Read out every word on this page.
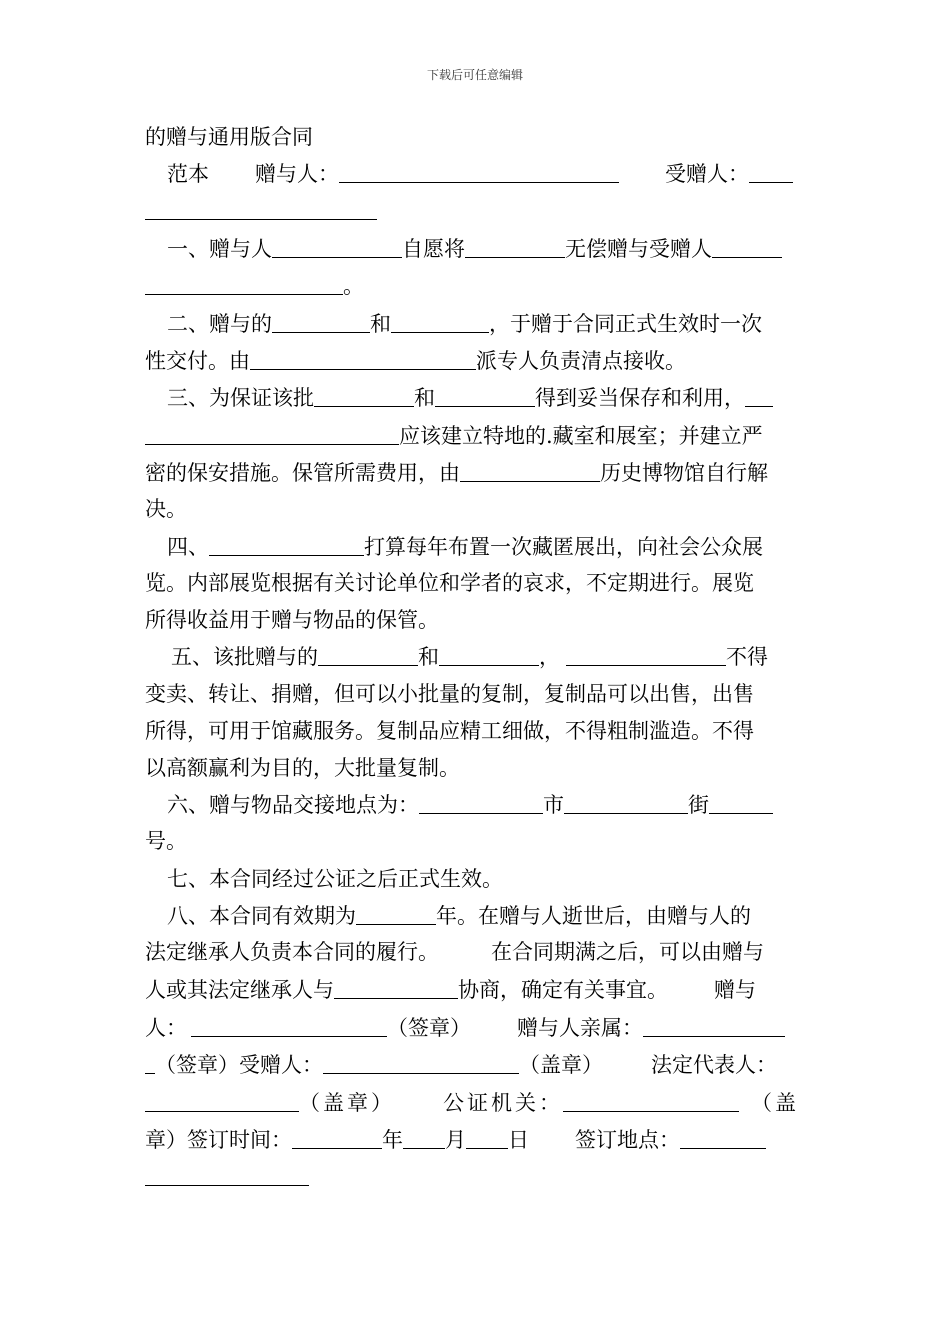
下载后可任意编辑
的赠与通用版合同
范本 赠与人：	受赠人：
一、赠与人	自愿将	无偿赠与受赠人
。
二、赠与的	和	，于赠于合同正式生效时一次
性交付。由	派专人负责清点接收。
三、为保证该批	和	得到妥当保存和利用，
应该建立特地的.藏室和展室；并建立严
密的保安措施。保管所需费用，由	历史博物馆自行解
决。
四、	打算每年布置一次藏匿展出，向社会公众展
览。内部展览根据有关讨论单位和学者的哀求，不定期进行。展览
所得收益用于赠与物品的保管。
五、该批赠与的	和	，	不得
变卖、转让、捐赠，但可以小批量的复制，复制品可以出售，出售
所得，可用于馆藏服务。复制品应精工细做，不得粗制滥造。不得
以高额赢利为目的，大批量复制。
六、赠与物品交接地点为：	市	街
号。
七、本合同经过公证之后正式生效。
八、本合同有效期为	年。在赠与人逝世后，由赠与人的
法定继承人负责本合同的履行。 在合同期满之后，可以由赠与
人或其法定继承人与	协商，确定有关事宜。 赠与
人：	（签章） 赠与人亲属：
（签章）受赠人：	（盖章） 法定代表人：
（盖章） 公证机关：	（盖
章）签订时间：	年 月 日 签订地点：
